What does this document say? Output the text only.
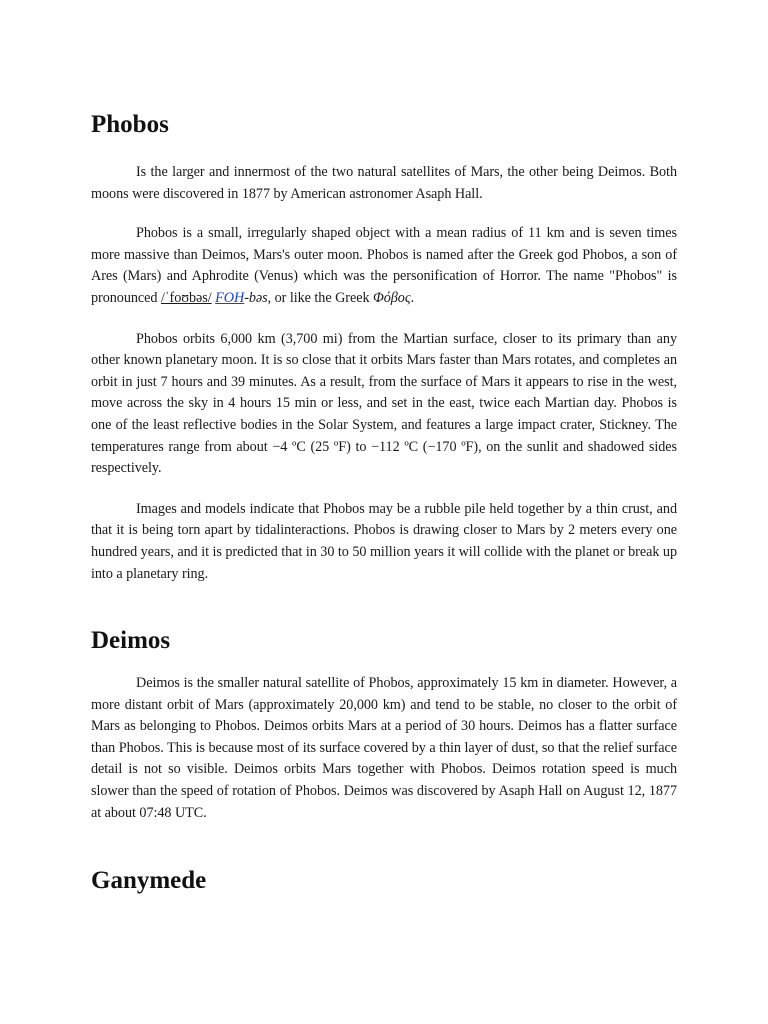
Phobos

Is the larger and innermost of the two natural satellites of Mars, the other being Deimos. Both moons were discovered in 1877 by American astronomer Asaph Hall.

Phobos is a small, irregularly shaped object with a mean radius of 11 km and is seven times more massive than Deimos, Mars's outer moon. Phobos is named after the Greek god Phobos, a son of Ares (Mars) and Aphrodite (Venus) which was the personification of Horror. The name "Phobos" is pronounced /ˈfoʊbəs/ FOH-bəs, or like the Greek Φόβος.

Phobos orbits 6,000 km (3,700 mi) from the Martian surface, closer to its primary than any other known planetary moon. It is so close that it orbits Mars faster than Mars rotates, and completes an orbit in just 7 hours and 39 minutes. As a result, from the surface of Mars it appears to rise in the west, move across the sky in 4 hours 15 min or less, and set in the east, twice each Martian day. Phobos is one of the least reflective bodies in the Solar System, and features a large impact crater, Stickney. The temperatures range from about −4 ºC (25 ºF) to −112 ºC (−170 ºF), on the sunlit and shadowed sides respectively.

Images and models indicate that Phobos may be a rubble pile held together by a thin crust, and that it is being torn apart by tidalinteractions. Phobos is drawing closer to Mars by 2 meters every one hundred years, and it is predicted that in 30 to 50 million years it will collide with the planet or break up into a planetary ring.

Deimos

Deimos is the smaller natural satellite of Phobos, approximately 15 km in diameter. However, a more distant orbit of Mars (approximately 20,000 km) and tend to be stable, no closer to the orbit of Mars as belonging to Phobos. Deimos orbits Mars at a period of 30 hours. Deimos has a flatter surface than Phobos. This is because most of its surface covered by a thin layer of dust, so that the relief surface detail is not so visible. Deimos orbits Mars together with Phobos. Deimos rotation speed is much slower than the speed of rotation of Phobos. Deimos was discovered by Asaph Hall on August 12, 1877 at about 07:48 UTC.

Ganymede
